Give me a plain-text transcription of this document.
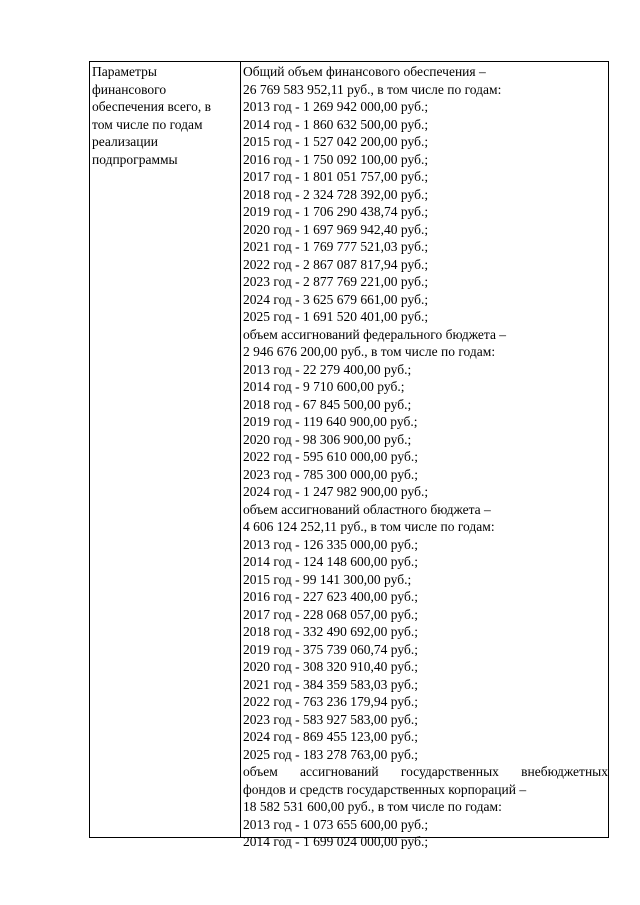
Параметры
финансового
обеспечения всего, в
том числе по годам
реализации
подпрограммы
Общий объем финансового обеспечения –
26 769 583 952,11 руб., в том числе по годам:
2013 год - 1 269 942 000,00 руб.;
2014 год - 1 860 632 500,00 руб.;
2015 год - 1 527 042 200,00 руб.;
2016 год - 1 750 092 100,00 руб.;
2017 год - 1 801 051 757,00 руб.;
2018 год - 2 324 728 392,00 руб.;
2019 год - 1 706 290 438,74 руб.;
2020 год - 1 697 969 942,40 руб.;
2021 год - 1 769 777 521,03 руб.;
2022 год - 2 867 087 817,94 руб.;
2023 год - 2 877 769 221,00 руб.;
2024 год - 3 625 679 661,00 руб.;
2025 год - 1 691 520 401,00 руб.;
объем ассигнований федерального бюджета –
2 946 676 200,00 руб., в том числе по годам:
2013 год - 22 279 400,00 руб.;
2014 год - 9 710 600,00 руб.;
2018 год - 67 845 500,00 руб.;
2019 год - 119 640 900,00 руб.;
2020 год - 98 306 900,00 руб.;
2022 год - 595 610 000,00 руб.;
2023 год - 785 300 000,00 руб.;
2024 год - 1 247 982 900,00 руб.;
объем ассигнований областного бюджета –
4 606 124 252,11 руб., в том числе по годам:
2013 год - 126 335 000,00 руб.;
2014 год - 124 148 600,00 руб.;
2015 год - 99 141 300,00 руб.;
2016 год - 227 623 400,00 руб.;
2017 год - 228 068 057,00 руб.;
2018 год - 332 490 692,00 руб.;
2019 год - 375 739 060,74 руб.;
2020 год - 308 320 910,40 руб.;
2021 год - 384 359 583,03 руб.;
2022 год - 763 236 179,94 руб.;
2023 год - 583 927 583,00 руб.;
2024 год - 869 455 123,00 руб.;
2025 год - 183 278 763,00 руб.;
объем ассигнований государственных внебюджетных
фондов и средств государственных корпораций –
18 582 531 600,00 руб., в том числе по годам:
2013 год - 1 073 655 600,00 руб.;
2014 год - 1 699 024 000,00 руб.;
